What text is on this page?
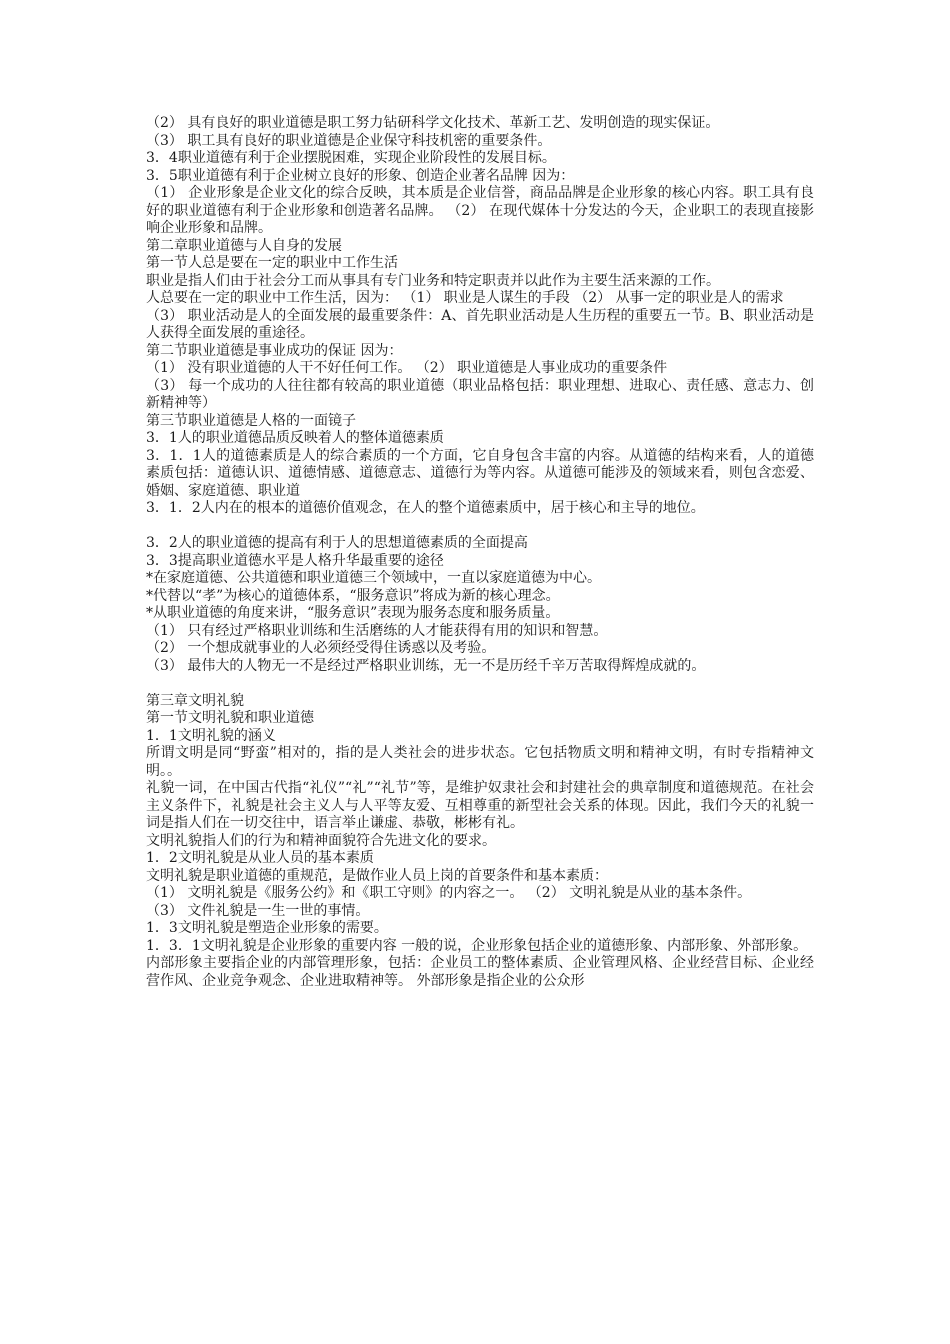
（2） 具有良好的职业道德是职工努力钻研科学文化技术、革新工艺、发明创造的现实保证。

（3） 职工具有良好的职业道德是企业保守科技机密的重要条件。

3．4职业道德有利于企业摆脱困难，实现企业阶段性的发展目标。

3．5职业道德有利于企业树立良好的形象、创造企业著名品牌 因为：

（1） 企业形象是企业文化的综合反映，其本质是企业信誉，商品品牌是企业形象的核心内容。职工具有良好的职业道德有利于企业形象和创造著名品牌。 （2） 在现代媒体十分发达的今天，企业职工的表现直接影响企业形象和品牌。

第二章职业道德与人自身的发展

第一节人总是要在一定的职业中工作生活

职业是指人们由于社会分工而从事具有专门业务和特定职责并以此作为主要生活来源的工作。

人总要在一定的职业中工作生活，因为： （1） 职业是人谋生的手段 （2） 从事一定的职业是人的需求

（3） 职业活动是人的全面发展的最重要条件：A、首先职业活动是人生历程的重要五一节。B、职业活动是人获得全面发展的重途径。

第二节职业道德是事业成功的保证 因为：

（1） 没有职业道德的人干不好任何工作。 （2） 职业道德是人事业成功的重要条件

（3） 每一个成功的人往往都有较高的职业道德（职业品格包括：职业理想、进取心、责任感、意志力、创新精神等）

第三节职业道德是人格的一面镜子

3．1人的职业道德品质反映着人的整体道德素质

3．1．1人的道德素质是人的综合素质的一个方面，它自身包含丰富的内容。从道德的结构来看，人的道德素质包括：道德认识、道德情感、道德意志、道德行为等内容。从道德可能涉及的领域来看，则包含恋爱、婚姻、家庭道德、职业道

3．1．2人内在的根本的道德价值观念，在人的整个道德素质中，居于核心和主导的地位。

3．2人的职业道德的提高有利于人的思想道德素质的全面提高

3．3提高职业道德水平是人格升华最重要的途径

*在家庭道德、公共道德和职业道德三个领域中，一直以家庭道德为中心。

*代替以“孝”为核心的道德体系，“服务意识”将成为新的核心理念。

*从职业道德的角度来讲，“服务意识”表现为服务态度和服务质量。

（1） 只有经过严格职业训练和生活磨练的人才能获得有用的知识和智慧。

（2） 一个想成就事业的人必须经受得住诱惑以及考验。

（3） 最伟大的人物无一不是经过严格职业训练，无一不是历经千辛万苦取得辉煌成就的。

第三章文明礼貌

第一节文明礼貌和职业道德

1．1文明礼貌的涵义

所谓文明是同“野蛮”相对的，指的是人类社会的进步状态。它包括物质文明和精神文明，有时专指精神文明。。

礼貌一词，在中国古代指“礼仪”“礼”“礼节”等，是维护奴隶社会和封建社会的典章制度和道德规范。在社会主义条件下，礼貌是社会主义人与人平等友爱、互相尊重的新型社会关系的体现。因此，我们今天的礼貌一词是指人们在一切交往中，语言举止谦虚、恭敬，彬彬有礼。

文明礼貌指人们的行为和精神面貌符合先进文化的要求。

1．2文明礼貌是从业人员的基本素质

文明礼貌是职业道德的重规范，是做作业人员上岗的首要条件和基本素质：

（1） 文明礼貌是《服务公约》和《职工守则》的内容之一。 （2） 文明礼貌是从业的基本条件。

（3） 文件礼貌是一生一世的事情。

1．3文明礼貌是塑造企业形象的需要。

1．3．1文明礼貌是企业形象的重要内容 一般的说，企业形象包括企业的道德形象、内部形象、外部形象。

内部形象主要指企业的内部管理形象，包括：企业员工的整体素质、企业管理风格、企业经营目标、企业经营作风、企业竞争观念、企业进取精神等。 外部形象是指企业的公众形
